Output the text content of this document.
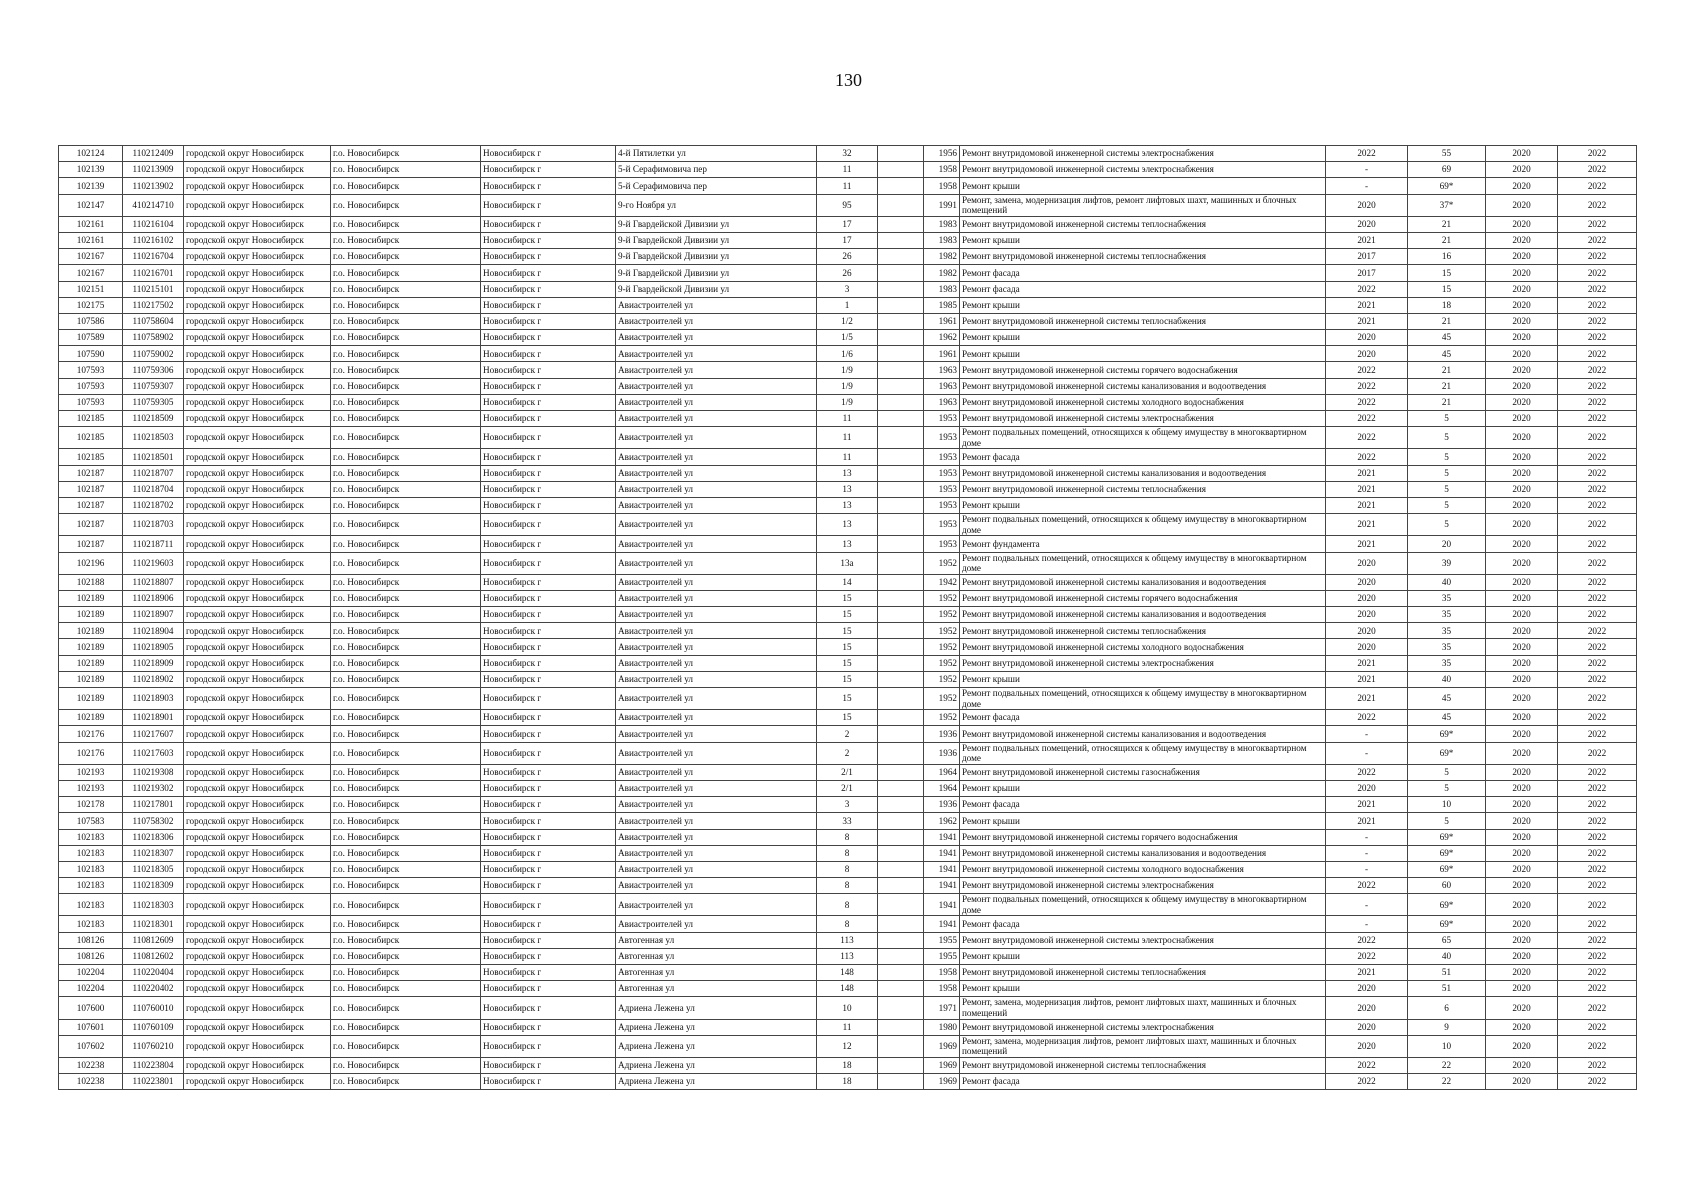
130
102124	110212409	городской округ Новосибирск	г.о. Новосибирск	Новосибирск г	4-й Пятилетки ул	32		1956	Ремонт внутридомовой инженерной системы электроснабжения	2022	55	2020	2022
102139	110213909	городской округ Новосибирск	г.о. Новосибирск	Новосибирск г	5-й Серафимовича пер	11		1958	Ремонт внутридомовой инженерной системы электроснабжения	-	69	2020	2022
102139	110213902	городской округ Новосибирск	г.о. Новосибирск	Новосибирск г	5-й Серафимовича пер	11		1958	Ремонт крыши	-	69*	2020	2022
102147	410214710	городской округ Новосибирск	г.о. Новосибирск	Новосибирск г	9-го Ноября ул	95		1991	Ремонт, замена, модернизация лифтов, ремонт лифтовых шахт, машинных и блочных помещений	2020	37*	2020	2022
102161	110216104	городской округ Новосибирск	г.о. Новосибирск	Новосибирск г	9-й Гвардейской Дивизии ул	17		1983	Ремонт внутридомовой инженерной системы теплоснабжения	2020	21	2020	2022
102161	110216102	городской округ Новосибирск	г.о. Новосибирск	Новосибирск г	9-й Гвардейской Дивизии ул	17		1983	Ремонт крыши	2021	21	2020	2022
102167	110216704	городской округ Новосибирск	г.о. Новосибирск	Новосибирск г	9-й Гвардейской Дивизии ул	26		1982	Ремонт внутридомовой инженерной системы теплоснабжения	2017	16	2020	2022
102167	110216701	городской округ Новосибирск	г.о. Новосибирск	Новосибирск г	9-й Гвардейской Дивизии ул	26		1982	Ремонт фасада	2017	15	2020	2022
102151	110215101	городской округ Новосибирск	г.о. Новосибирск	Новосибирск г	9-й Гвардейской Дивизии ул	3		1983	Ремонт фасада	2022	15	2020	2022
102175	110217502	городской округ Новосибирск	г.о. Новосибирск	Новосибирск г	Авиастроителей ул	1		1985	Ремонт крыши	2021	18	2020	2022
107586	110758604	городской округ Новосибирск	г.о. Новосибирск	Новосибирск г	Авиастроителей ул	1/2		1961	Ремонт внутридомовой инженерной системы теплоснабжения	2021	21	2020	2022
107589	110758902	городской округ Новосибирск	г.о. Новосибирск	Новосибирск г	Авиастроителей ул	1/5		1962	Ремонт крыши	2020	45	2020	2022
107590	110759002	городской округ Новосибирск	г.о. Новосибирск	Новосибирск г	Авиастроителей ул	1/6		1961	Ремонт крыши	2020	45	2020	2022
107593	110759306	городской округ Новосибирск	г.о. Новосибирск	Новосибирск г	Авиастроителей ул	1/9		1963	Ремонт внутридомовой инженерной системы горячего водоснабжения	2022	21	2020	2022
107593	110759307	городской округ Новосибирск	г.о. Новосибирск	Новосибирск г	Авиастроителей ул	1/9		1963	Ремонт внутридомовой инженерной системы канализования и водоотведения	2022	21	2020	2022
107593	110759305	городской округ Новосибирск	г.о. Новосибирск	Новосибирск г	Авиастроителей ул	1/9		1963	Ремонт внутридомовой инженерной системы холодного водоснабжения	2022	21	2020	2022
102185	110218509	городской округ Новосибирск	г.о. Новосибирск	Новосибирск г	Авиастроителей ул	11		1953	Ремонт внутридомовой инженерной системы электроснабжения	2022	5	2020	2022
102185	110218503	городской округ Новосибирск	г.о. Новосибирск	Новосибирск г	Авиастроителей ул	11		1953	Ремонт подвальных помещений, относящихся к общему имуществу в многоквартирном доме	2022	5	2020	2022
102185	110218501	городской округ Новосибирск	г.о. Новосибирск	Новосибирск г	Авиастроителей ул	11		1953	Ремонт фасада	2022	5	2020	2022
102187	110218707	городской округ Новосибирск	г.о. Новосибирск	Новосибирск г	Авиастроителей ул	13		1953	Ремонт внутридомовой инженерной системы канализования и водоотведения	2021	5	2020	2022
102187	110218704	городской округ Новосибирск	г.о. Новосибирск	Новосибирск г	Авиастроителей ул	13		1953	Ремонт внутридомовой инженерной системы теплоснабжения	2021	5	2020	2022
102187	110218702	городской округ Новосибирск	г.о. Новосибирск	Новосибирск г	Авиастроителей ул	13		1953	Ремонт крыши	2021	5	2020	2022
102187	110218703	городской округ Новосибирск	г.о. Новосибирск	Новосибирск г	Авиастроителей ул	13		1953	Ремонт подвальных помещений, относящихся к общему имуществу в многоквартирном доме	2021	5	2020	2022
102187	110218711	городской округ Новосибирск	г.о. Новосибирск	Новосибирск г	Авиастроителей ул	13		1953	Ремонт фундамента	2021	20	2020	2022
102196	110219603	городской округ Новосибирск	г.о. Новосибирск	Новосибирск г	Авиастроителей ул	13а		1952	Ремонт подвальных помещений, относящихся к общему имуществу в многоквартирном доме	2020	39	2020	2022
102188	110218807	городской округ Новосибирск	г.о. Новосибирск	Новосибирск г	Авиастроителей ул	14		1942	Ремонт внутридомовой инженерной системы канализования и водоотведения	2020	40	2020	2022
102189	110218906	городской округ Новосибирск	г.о. Новосибирск	Новосибирск г	Авиастроителей ул	15		1952	Ремонт внутридомовой инженерной системы горячего водоснабжения	2020	35	2020	2022
102189	110218907	городской округ Новосибирск	г.о. Новосибирск	Новосибирск г	Авиастроителей ул	15		1952	Ремонт внутридомовой инженерной системы канализования и водоотведения	2020	35	2020	2022
102189	110218904	городской округ Новосибирск	г.о. Новосибирск	Новосибирск г	Авиастроителей ул	15		1952	Ремонт внутридомовой инженерной системы теплоснабжения	2020	35	2020	2022
102189	110218905	городской округ Новосибирск	г.о. Новосибирск	Новосибирск г	Авиастроителей ул	15		1952	Ремонт внутридомовой инженерной системы холодного водоснабжения	2020	35	2020	2022
102189	110218909	городской округ Новосибирск	г.о. Новосибирск	Новосибирск г	Авиастроителей ул	15		1952	Ремонт внутридомовой инженерной системы электроснабжения	2021	35	2020	2022
102189	110218902	городской округ Новосибирск	г.о. Новосибирск	Новосибирск г	Авиастроителей ул	15		1952	Ремонт крыши	2021	40	2020	2022
102189	110218903	городской округ Новосибирск	г.о. Новосибирск	Новосибирск г	Авиастроителей ул	15		1952	Ремонт подвальных помещений, относящихся к общему имуществу в многоквартирном доме	2021	45	2020	2022
102189	110218901	городской округ Новосибирск	г.о. Новосибирск	Новосибирск г	Авиастроителей ул	15		1952	Ремонт фасада	2022	45	2020	2022
102176	110217607	городской округ Новосибирск	г.о. Новосибирск	Новосибирск г	Авиастроителей ул	2		1936	Ремонт внутридомовой инженерной системы канализования и водоотведения	-	69*	2020	2022
102176	110217603	городской округ Новосибирск	г.о. Новосибирск	Новосибирск г	Авиастроителей ул	2		1936	Ремонт подвальных помещений, относящихся к общему имуществу в многоквартирном доме	-	69*	2020	2022
102193	110219308	городской округ Новосибирск	г.о. Новосибирск	Новосибирск г	Авиастроителей ул	2/1		1964	Ремонт внутридомовой инженерной системы газоснабжения	2022	5	2020	2022
102193	110219302	городской округ Новосибирск	г.о. Новосибирск	Новосибирск г	Авиастроителей ул	2/1		1964	Ремонт крыши	2020	5	2020	2022
102178	110217801	городской округ Новосибирск	г.о. Новосибирск	Новосибирск г	Авиастроителей ул	3		1936	Ремонт фасада	2021	10	2020	2022
107583	110758302	городской округ Новосибирск	г.о. Новосибирск	Новосибирск г	Авиастроителей ул	33		1962	Ремонт крыши	2021	5	2020	2022
102183	110218306	городской округ Новосибирск	г.о. Новосибирск	Новосибирск г	Авиастроителей ул	8		1941	Ремонт внутридомовой инженерной системы горячего водоснабжения	-	69*	2020	2022
102183	110218307	городской округ Новосибирск	г.о. Новосибирск	Новосибирск г	Авиастроителей ул	8		1941	Ремонт внутридомовой инженерной системы канализования и водоотведения	-	69*	2020	2022
102183	110218305	городской округ Новосибирск	г.о. Новосибирск	Новосибирск г	Авиастроителей ул	8		1941	Ремонт внутридомовой инженерной системы холодного водоснабжения	-	69*	2020	2022
102183	110218309	городской округ Новосибирск	г.о. Новосибирск	Новосибирск г	Авиастроителей ул	8		1941	Ремонт внутридомовой инженерной системы электроснабжения	2022	60	2020	2022
102183	110218303	городской округ Новосибирск	г.о. Новосибирск	Новосибирск г	Авиастроителей ул	8		1941	Ремонт подвальных помещений, относящихся к общему имуществу в многоквартирном доме	-	69*	2020	2022
102183	110218301	городской округ Новосибирск	г.о. Новосибирск	Новосибирск г	Авиастроителей ул	8		1941	Ремонт фасада	-	69*	2020	2022
108126	110812609	городской округ Новосибирск	г.о. Новосибирск	Новосибирск г	Автогенная ул	113		1955	Ремонт внутридомовой инженерной системы электроснабжения	2022	65	2020	2022
108126	110812602	городской округ Новосибирск	г.о. Новосибирск	Новосибирск г	Автогенная ул	113		1955	Ремонт крыши	2022	40	2020	2022
102204	110220404	городской округ Новосибирск	г.о. Новосибирск	Новосибирск г	Автогенная ул	148		1958	Ремонт внутридомовой инженерной системы теплоснабжения	2021	51	2020	2022
102204	110220402	городской округ Новосибирск	г.о. Новосибирск	Новосибирск г	Автогенная ул	148		1958	Ремонт крыши	2020	51	2020	2022
107600	110760010	городской округ Новосибирск	г.о. Новосибирск	Новосибирск г	Адриена Лежена ул	10		1971	Ремонт, замена, модернизация лифтов, ремонт лифтовых шахт, машинных и блочных помещений	2020	6	2020	2022
107601	110760109	городской округ Новосибирск	г.о. Новосибирск	Новосибирск г	Адриена Лежена ул	11		1980	Ремонт внутридомовой инженерной системы электроснабжения	2020	9	2020	2022
107602	110760210	городской округ Новосибирск	г.о. Новосибирск	Новосибирск г	Адриена Лежена ул	12		1969	Ремонт, замена, модернизация лифтов, ремонт лифтовых шахт, машинных и блочных помещений	2020	10	2020	2022
102238	110223804	городской округ Новосибирск	г.о. Новосибирск	Новосибирск г	Адриена Лежена ул	18		1969	Ремонт внутридомовой инженерной системы теплоснабжения	2022	22	2020	2022
102238	110223801	городской округ Новосибирск	г.о. Новосибирск	Новосибирск г	Адриена Лежена ул	18		1969	Ремонт фасада	2022	22	2020	2022
